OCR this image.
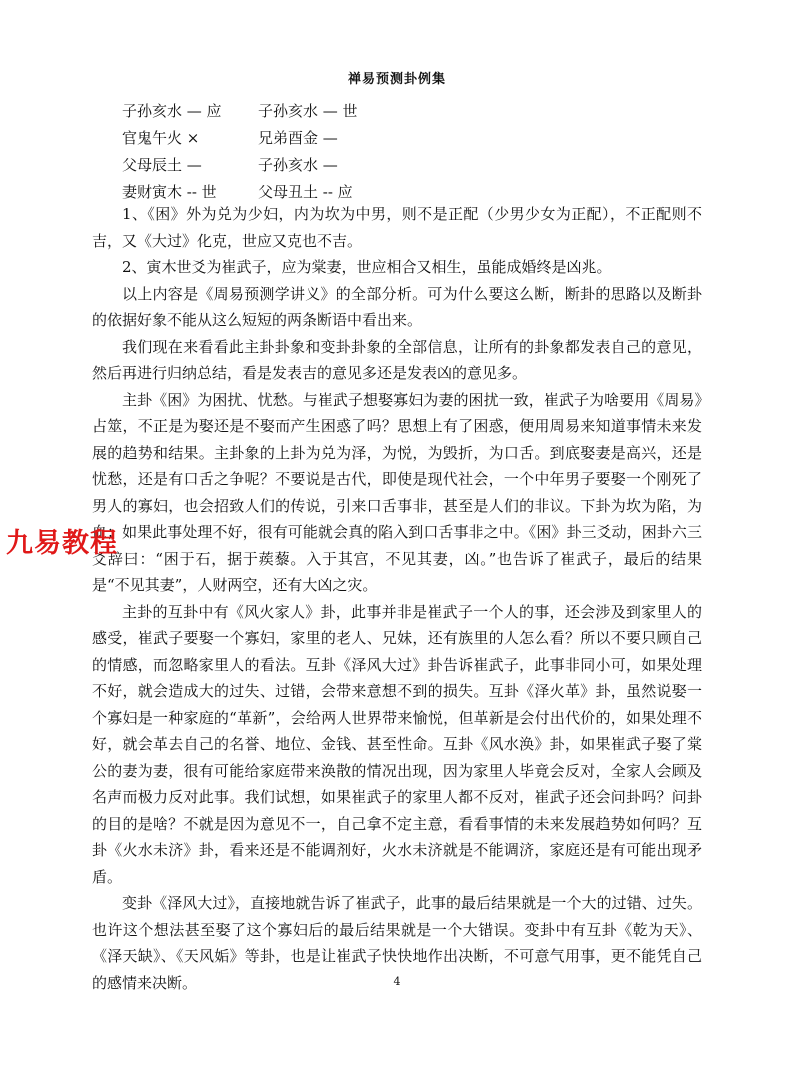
禅易预测卦例集
子孙亥水 — 应	子孙亥水 — 世
官鬼午火 ×	兄弟酉金 —
父母辰土 —	子孙亥水 —
妻财寅木 -- 世	父母丑土 -- 应

1、《困》外为兑为少妇，内为坎为中男，则不是正配（少男少女为正配），不正配则不吉，又《大过》化克，世应又克也不吉。

2、寅木世爻为崔武子，应为棠妻，世应相合又相生，虽能成婚终是凶兆。

以上内容是《周易预测学讲义》的全部分析。可为什么要这么断，断卦的思路以及断卦的依据好象不能从这么短短的两条断语中看出来。

我们现在来看看此主卦卦象和变卦卦象的全部信息，让所有的卦象都发表自己的意见，然后再进行归纳总结，看是发表吉的意见多还是发表凶的意见多。

主卦《困》为困扰、忧愁。与崔武子想娶寡妇为妻的困扰一致，崔武子为啥要用《周易》占筮，不正是为娶还是不娶而产生困惑了吗？思想上有了困惑，便用周易来知道事情未来发展的趋势和结果。主卦象的上卦为兑为泽，为悦，为毁折，为口舌。到底娶妻是高兴，还是忧愁，还是有口舌之争呢？不要说是古代，即使是现代社会，一个中年男子要娶一个刚死了男人的寡妇，也会招致人们的传说，引来口舌事非，甚至是人们的非议。下卦为坎为陷，为血；如果此事处理不好，很有可能就会真的陷入到口舌事非之中。《困》卦三爻动，困卦六三爻辞曰：“困于石，据于蒺藜。入于其宫，不见其妻，凶。”也告诉了崔武子，最后的结果是“不见其妻”，人财两空，还有大凶之灾。

主卦的互卦中有《风火家人》卦，此事并非是崔武子一个人的事，还会涉及到家里人的感受，崔武子要娶一个寡妇，家里的老人、兄妹，还有族里的人怎么看？所以不要只顾自己的情感，而忽略家里人的看法。互卦《泽风大过》卦告诉崔武子，此事非同小可，如果处理不好，就会造成大的过失、过错，会带来意想不到的损失。互卦《泽火革》卦，虽然说娶一个寡妇是一种家庭的“革新”，会给两人世界带来愉悦，但革新是会付出代价的，如果处理不好，就会革去自己的名誉、地位、金钱、甚至性命。互卦《风水涣》卦，如果崔武子娶了棠公的妻为妻，很有可能给家庭带来涣散的情况出现，因为家里人毕竟会反对，全家人会顾及名声而极力反对此事。我们试想，如果崔武子的家里人都不反对，崔武子还会问卦吗？问卦的目的是啥？不就是因为意见不一，自己拿不定主意，看看事情的未来发展趋势如何吗？互卦《火水未济》卦，看来还是不能调剂好，火水未济就是不能调济，家庭还是有可能出现矛盾。

变卦《泽风大过》，直接地就告诉了崔武子，此事的最后结果就是一个大的过错、过失。也许这个想法甚至娶了这个寡妇后的最后结果就是一个大错误。变卦中有互卦《乾为天》、《泽天缺》、《天风姤》等卦，也是让崔武子快快地作出决断，不可意气用事，更不能凭自己的感情来决断。

九易教程
4
